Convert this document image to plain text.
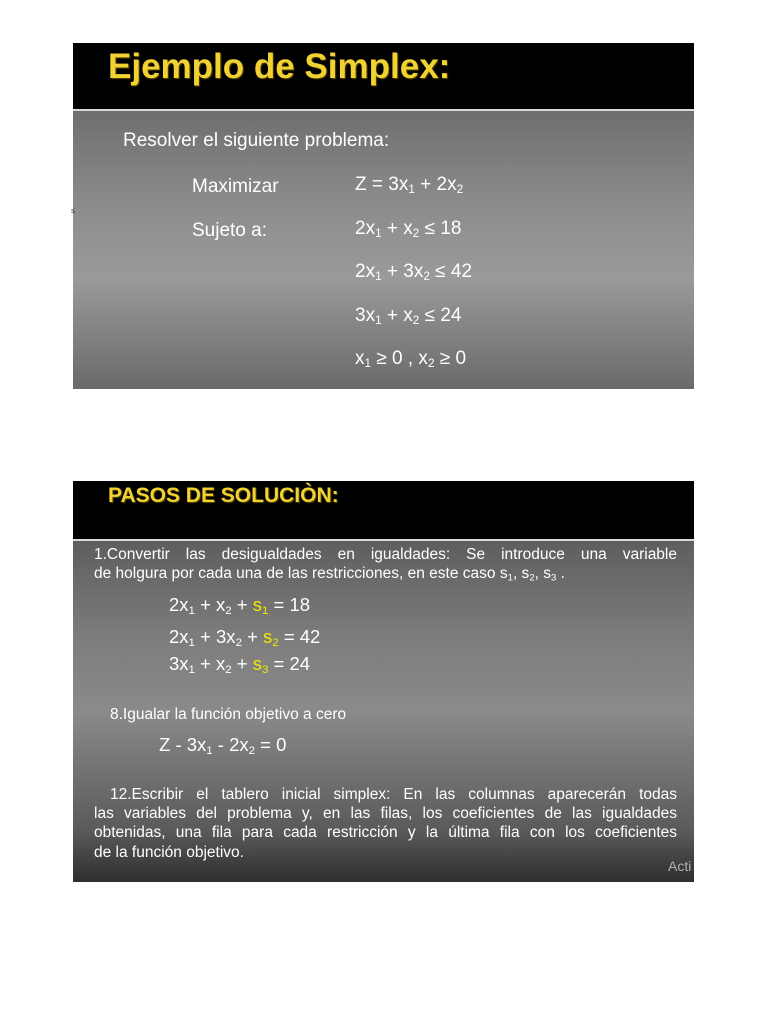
Ejemplo de Simplex:
Resolver el siguiente problema:
Maximizar
Sujeto a:
$Z = 3x_1 + 2x_2$
$2x_1 + x_2 \le 18$
$2x_1 + 3x_2 \le 42$
$3x_1 + x_2 \le 24$
$x_1 \ge 0$ , $x_2 \ge 0$
≤
PASOS DE SOLUCIÒN:
1.Convertir las desigualdades en igualdades: Se introduce una variable
de holgura por cada una de las restricciones, en este caso $s_1$, $s_2$, $s_3$ .
$2x_1 + x_2 + s_1 = 18$
$2x_1 + 3x_2 + s_2 = 42$
$3x_1 + x_2 + s_3 = 24$
8.Igualar la función objetivo a cero
$Z - 3x_1 - 2x_2 = 0$
12.Escribir el tablero inicial simplex: En las columnas aparecerán todas
las variables del problema y, en las filas, los coeficientes de las igualdades
obtenidas, una fila para cada restricción y la última fila con los coeficientes
de la función objetivo.
Acti
